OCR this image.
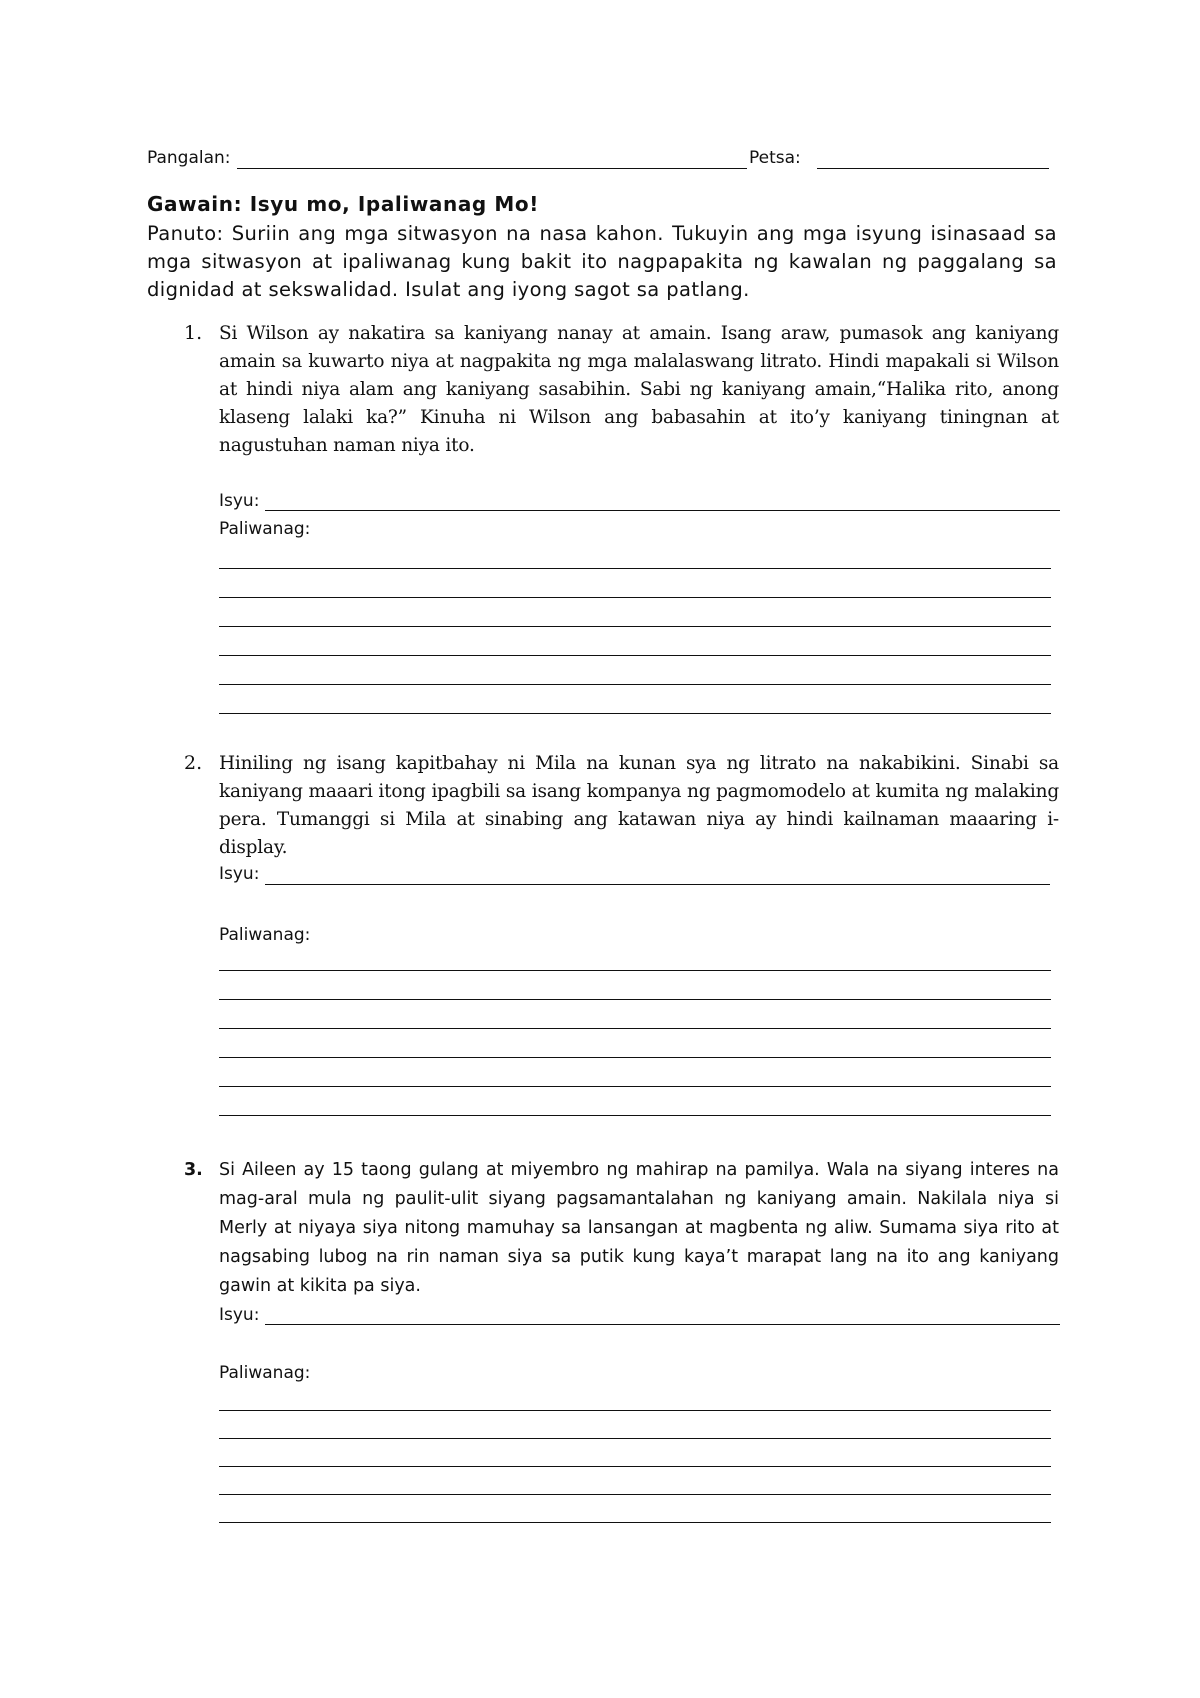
Pangalan:	Petsa:
Gawain: Isyu mo, Ipaliwanag Mo!
Panuto: Suriin ang mga sitwasyon na nasa kahon. Tukuyin ang mga isyung isinasaad sa mga sitwasyon at ipaliwanag kung bakit ito nagpapakita ng kawalan ng paggalang sa dignidad at sekswalidad. Isulat ang iyong sagot sa patlang.
1. Si Wilson ay nakatira sa kaniyang nanay at amain. Isang araw, pumasok ang kaniyang amain sa kuwarto niya at nagpakita ng mga malalaswang litrato. Hindi mapakali si Wilson at hindi niya alam ang kaniyang sasabihin. Sabi ng kaniyang amain,“Halika rito, anong klaseng lalaki ka?” Kinuha ni Wilson ang babasahin at ito’y kaniyang tiningnan at nagustuhan naman niya ito.
Isyu:
Paliwanag:
2. Hiniling ng isang kapitbahay ni Mila na kunan sya ng litrato na nakabikini. Sinabi sa kaniyang maaari itong ipagbili sa isang kompanya ng pagmomodelo at kumita ng malaking pera. Tumanggi si Mila at sinabing ang katawan niya ay hindi kailnaman maaaring i-display.
Isyu:
Paliwanag:
3. Si Aileen ay 15 taong gulang at miyembro ng mahirap na pamilya. Wala na siyang interes na mag-aral mula ng paulit-ulit siyang pagsamantalahan ng kaniyang amain. Nakilala niya si Merly at niyaya siya nitong mamuhay sa lansangan at magbenta ng aliw. Sumama siya rito at nagsabing lubog na rin naman siya sa putik kung kaya’t marapat lang na ito ang kaniyang gawin at kikita pa siya.
Isyu:
Paliwanag:
